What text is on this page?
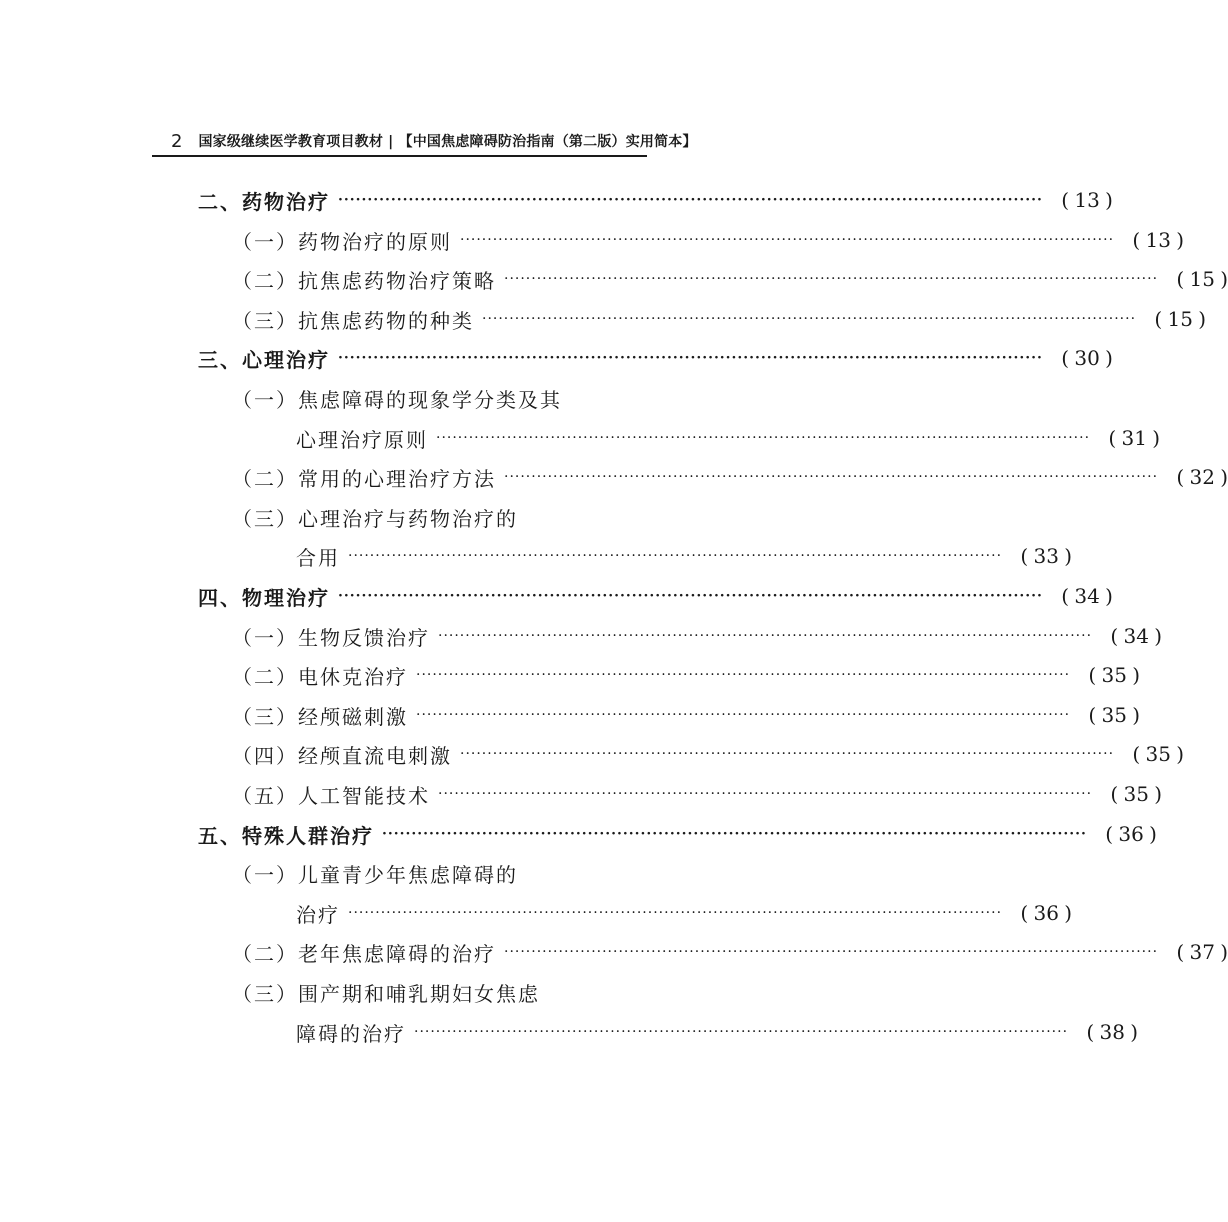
2 国家级继续医学教育项目教材 | 【中国焦虑障碍防治指南（第二版）实用简本】
二、药物治疗 ························································································································ ( 13 )
（一）药物治疗的原则 ························································································································ ( 13 )
（二）抗焦虑药物治疗策略 ························································································································ ( 15 )
（三）抗焦虑药物的种类 ························································································································ ( 15 )
三、心理治疗 ························································································································ ( 30 )
（一）焦虑障碍的现象学分类及其
心理治疗原则 ························································································································ ( 31 )
（二）常用的心理治疗方法 ························································································································ ( 32 )
（三）心理治疗与药物治疗的
合用 ························································································································ ( 33 )
四、物理治疗 ························································································································ ( 34 )
（一）生物反馈治疗 ························································································································ ( 34 )
（二）电休克治疗 ························································································································ ( 35 )
（三）经颅磁刺激 ························································································································ ( 35 )
（四）经颅直流电刺激 ························································································································ ( 35 )
（五）人工智能技术 ························································································································ ( 35 )
五、特殊人群治疗 ························································································································ ( 36 )
（一）儿童青少年焦虑障碍的
治疗 ························································································································ ( 36 )
（二）老年焦虑障碍的治疗 ························································································································ ( 37 )
（三）围产期和哺乳期妇女焦虑
障碍的治疗 ························································································································ ( 38 )
